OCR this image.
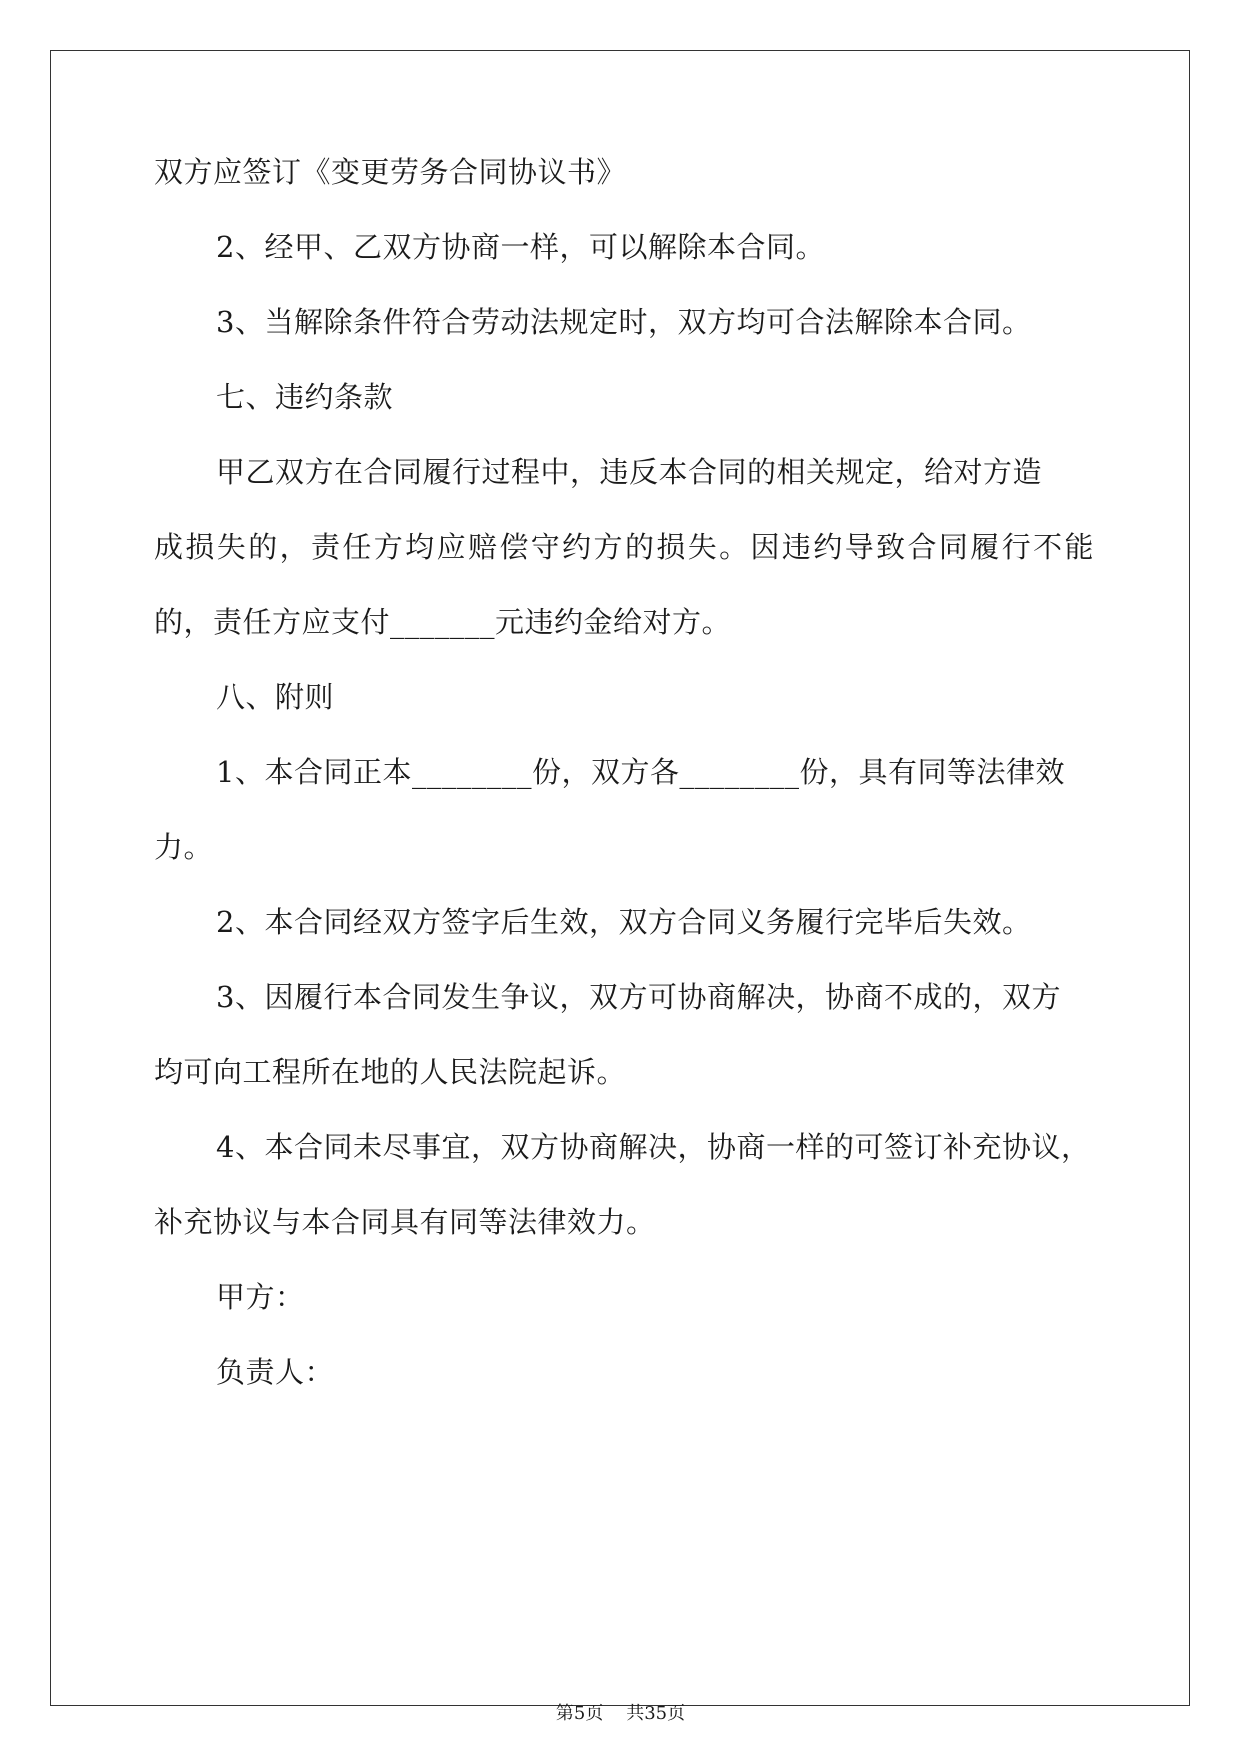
双方应签订《变更劳务合同协议书》
2、经甲、乙双方协商一样，可以解除本合同。
3、当解除条件符合劳动法规定时，双方均可合法解除本合同。
七、违约条款
甲乙双方在合同履行过程中，违反本合同的相关规定，给对方造
成损失的，责任方均应赔偿守约方的损失。因违约导致合同履行不能
的，责任方应支付_______元违约金给对方。
八、附则
1、本合同正本________份，双方各________份，具有同等法律效
力。
2、本合同经双方签字后生效，双方合同义务履行完毕后失效。
3、因履行本合同发生争议，双方可协商解决，协商不成的，双方
均可向工程所在地的人民法院起诉。
4、本合同未尽事宜，双方协商解决，协商一样的可签订补充协议，
补充协议与本合同具有同等法律效力。
甲方：
负责人：
第5页 共35页
